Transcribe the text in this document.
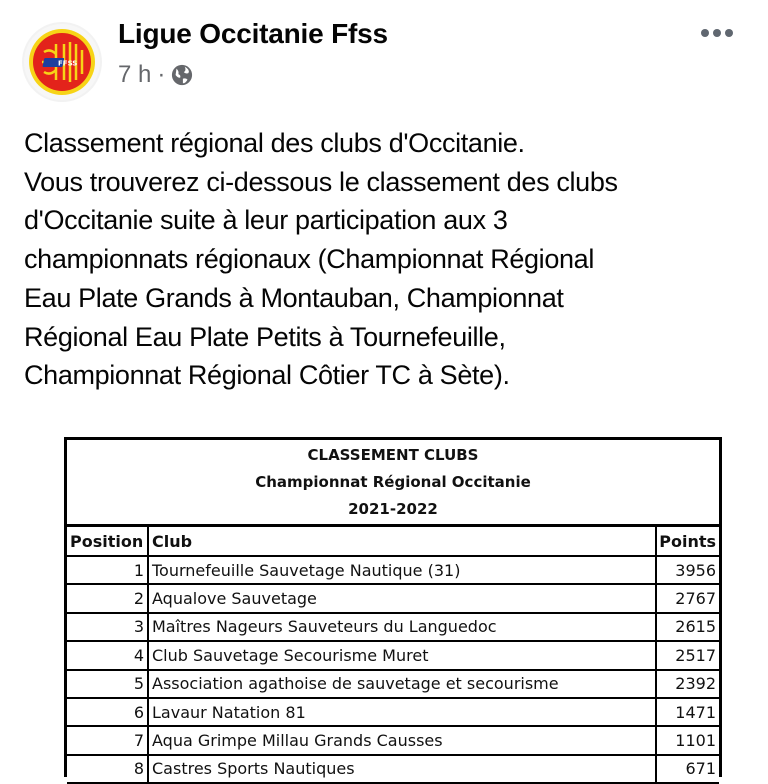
FFSS
Ligue Occitanie Ffss
7 h ·

Classement régional des clubs d'Occitanie.

Vous trouverez ci-dessous le classement des clubs

d'Occitanie suite à leur participation aux 3

championnats régionaux (Championnat Régional

Eau Plate Grands à Montauban, Championnat

Régional Eau Plate Petits à Tournefeuille,

Championnat Régional Côtier TC à Sète).

CLASSEMENT CLUBS
Championnat Régional Occitanie
2021-2022
Position Club	Points
1 Tournefeuille Sauvetage Nautique (31)	3956
2 Aqualove Sauvetage	2767
3 Maîtres Nageurs Sauveteurs du Languedoc	2615
4 Club Sauvetage Secourisme Muret	2517
5 Association agathoise de sauvetage et secourisme	2392
6 Lavaur Natation 81	1471
7 Aqua Grimpe Millau Grands Causses	1101
8 Castres Sports Nautiques	671
